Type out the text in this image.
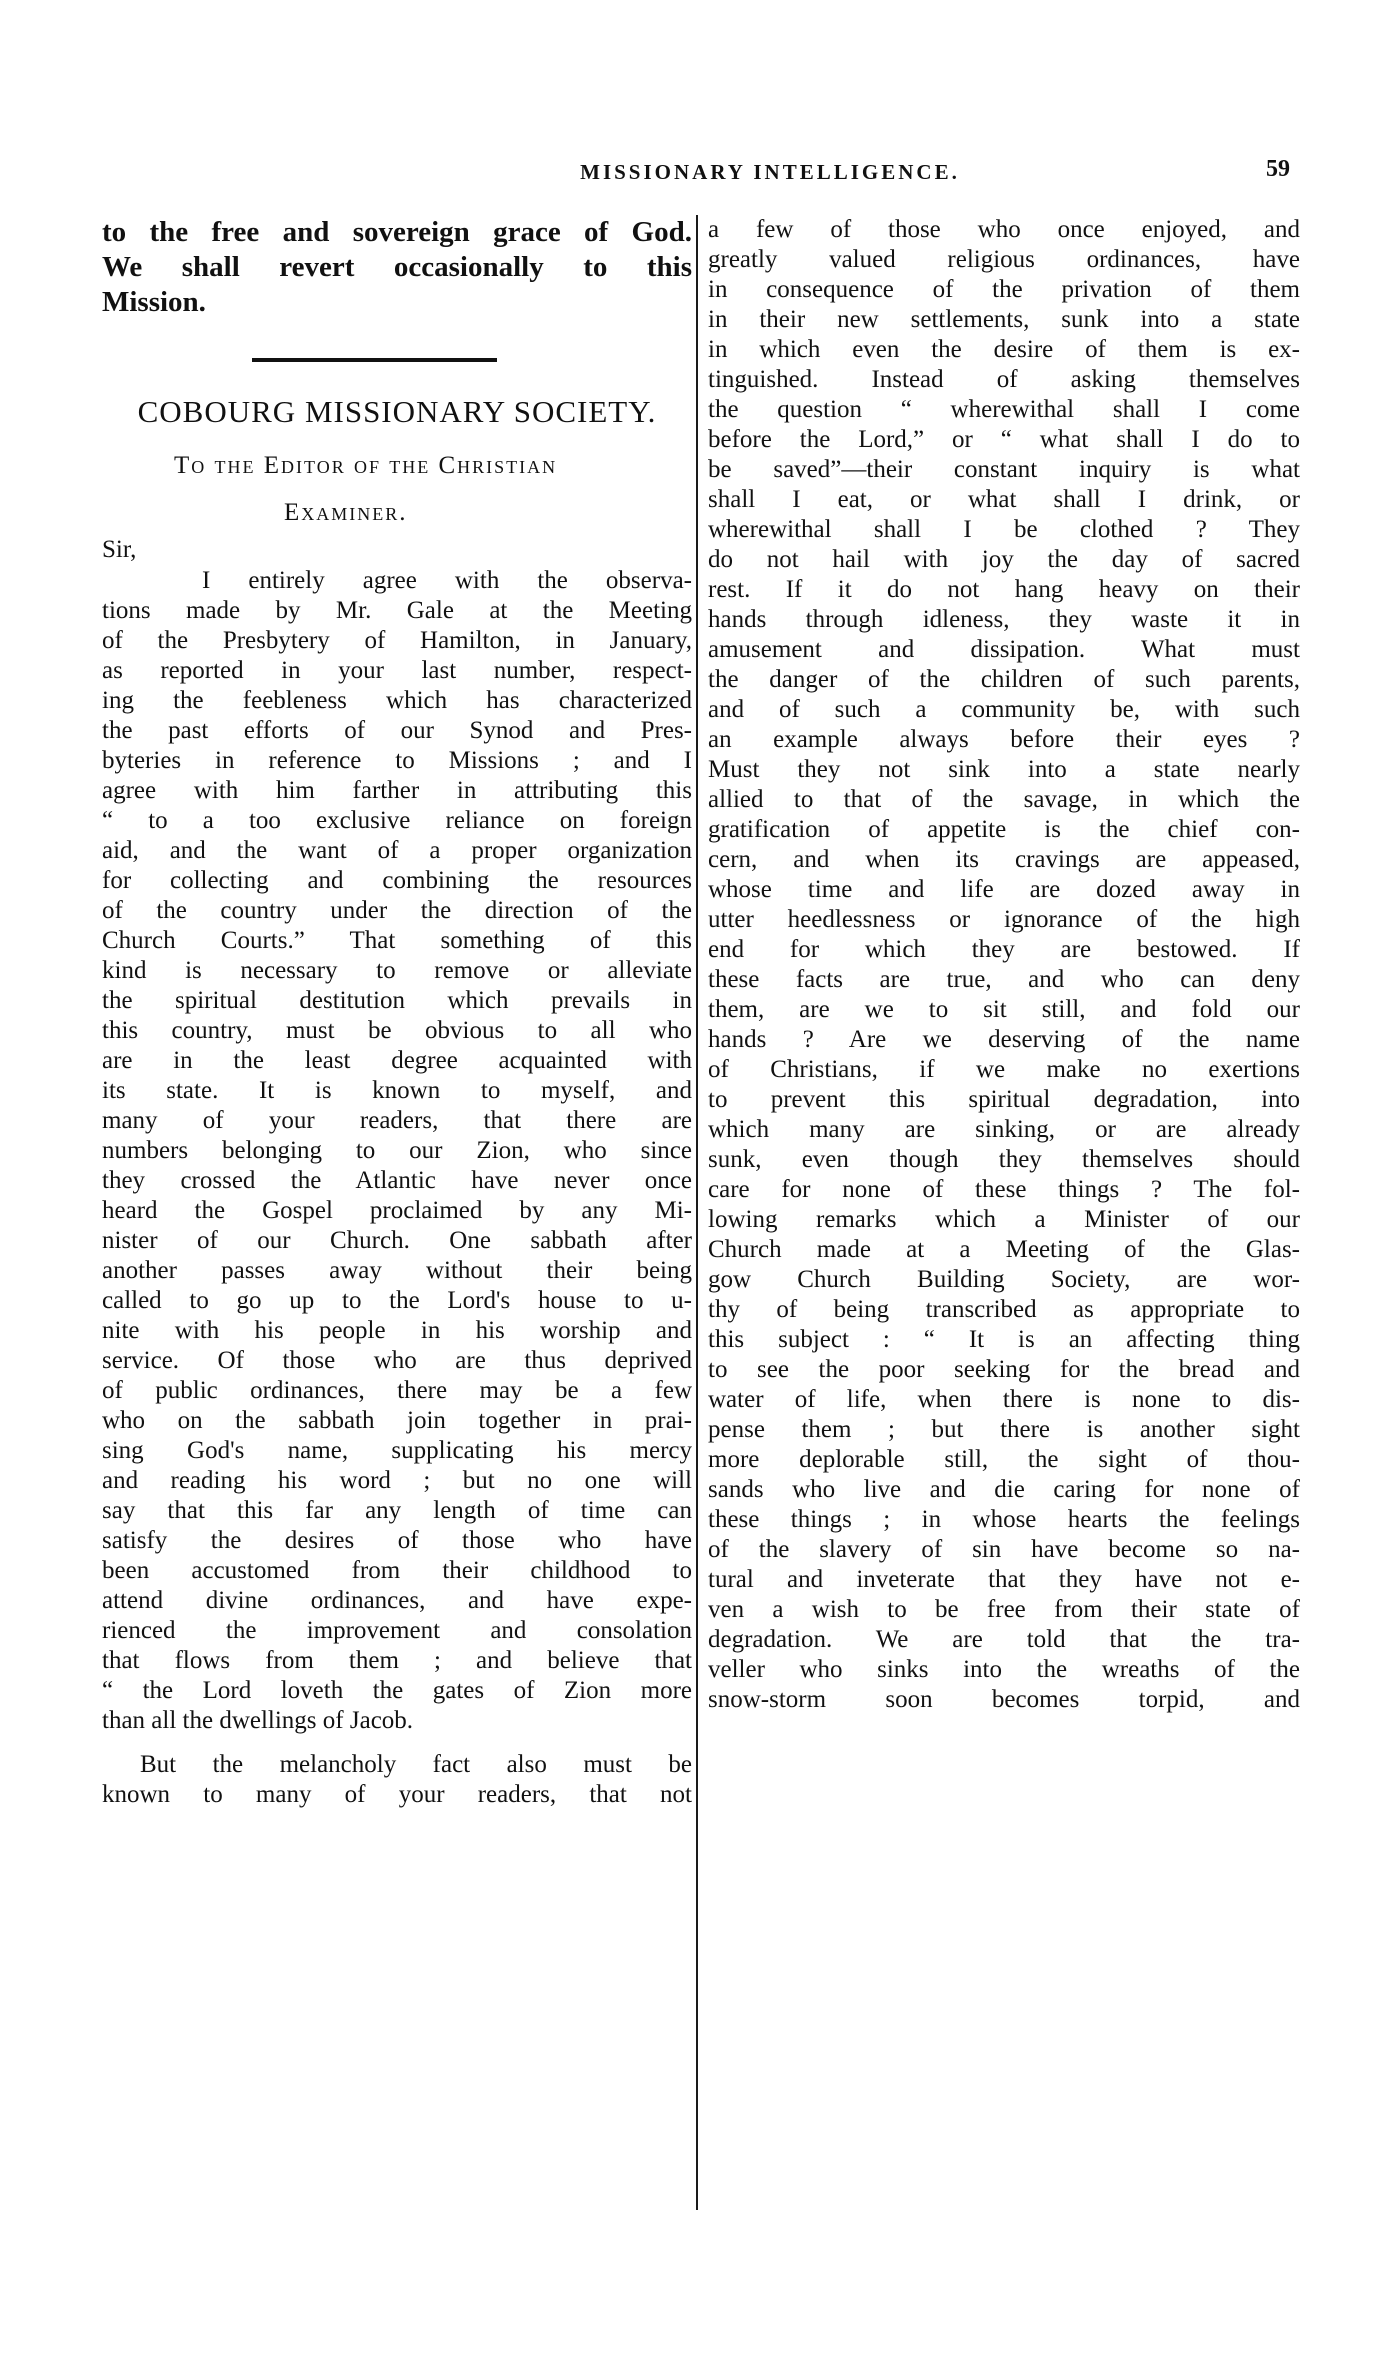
MISSIONARY INTELLIGENCE.	59
to the free and sovereign grace of God.
We shall revert occasionally to this
Mission.
COBOURG MISSIONARY SOCIETY.
To the Editor of the Christian
Examiner.
Sir,
I entirely agree with the observa-
tions made by Mr. Gale at the Meeting
of the Presbytery of Hamilton, in January,
as reported in your last number, respect-
ing the feebleness which has characterized
the past efforts of our Synod and Pres-
byteries in reference to Missions ; and I
agree with him farther in attributing this
“ to a too exclusive reliance on foreign
aid, and the want of a proper organization
for collecting and combining the resources
of the country under the direction of the
Church Courts.” That something of this
kind is necessary to remove or alleviate
the spiritual destitution which prevails in
this country, must be obvious to all who
are in the least degree acquainted with
its state. It is known to myself, and
many of your readers, that there are
numbers belonging to our Zion, who since
they crossed the Atlantic have never once
heard the Gospel proclaimed by any Mi-
nister of our Church. One sabbath after
another passes away without their being
called to go up to the Lord's house to u-
nite with his people in his worship and
service. Of those who are thus deprived
of public ordinances, there may be a few
who on the sabbath join together in prai-
sing God's name, supplicating his mercy
and reading his word ; but no one will
say that this far any length of time can
satisfy the desires of those who have
been accustomed from their childhood to
attend divine ordinances, and have expe-
rienced the improvement and consolation
that flows from them ; and believe that
“ the Lord loveth the gates of Zion more
than all the dwellings of Jacob.
But the melancholy fact also must be
known to many of your readers, that not
a few of those who once enjoyed, and
greatly valued religious ordinances, have
in consequence of the privation of them
in their new settlements, sunk into a state
in which even the desire of them is ex-
tinguished. Instead of asking themselves
the question “ wherewithal shall I come
before the Lord,” or “ what shall I do to
be saved”—their constant inquiry is what
shall I eat, or what shall I drink, or
wherewithal shall I be clothed ? They
do not hail with joy the day of sacred
rest. If it do not hang heavy on their
hands through idleness, they waste it in
amusement and dissipation. What must
the danger of the children of such parents,
and of such a community be, with such
an example always before their eyes ?
Must they not sink into a state nearly
allied to that of the savage, in which the
gratification of appetite is the chief con-
cern, and when its cravings are appeased,
whose time and life are dozed away in
utter heedlessness or ignorance of the high
end for which they are bestowed. If
these facts are true, and who can deny
them, are we to sit still, and fold our
hands ? Are we deserving of the name
of Christians, if we make no exertions
to prevent this spiritual degradation, into
which many are sinking, or are already
sunk, even though they themselves should
care for none of these things ? The fol-
lowing remarks which a Minister of our
Church made at a Meeting of the Glas-
gow Church Building Society, are wor-
thy of being transcribed as appropriate to
this subject : “ It is an affecting thing
to see the poor seeking for the bread and
water of life, when there is none to dis-
pense them ; but there is another sight
more deplorable still, the sight of thou-
sands who live and die caring for none of
these things ; in whose hearts the feelings
of the slavery of sin have become so na-
tural and inveterate that they have not e-
ven a wish to be free from their state of
degradation. We are told that the tra-
veller who sinks into the wreaths of the
snow-storm soon becomes torpid, and
